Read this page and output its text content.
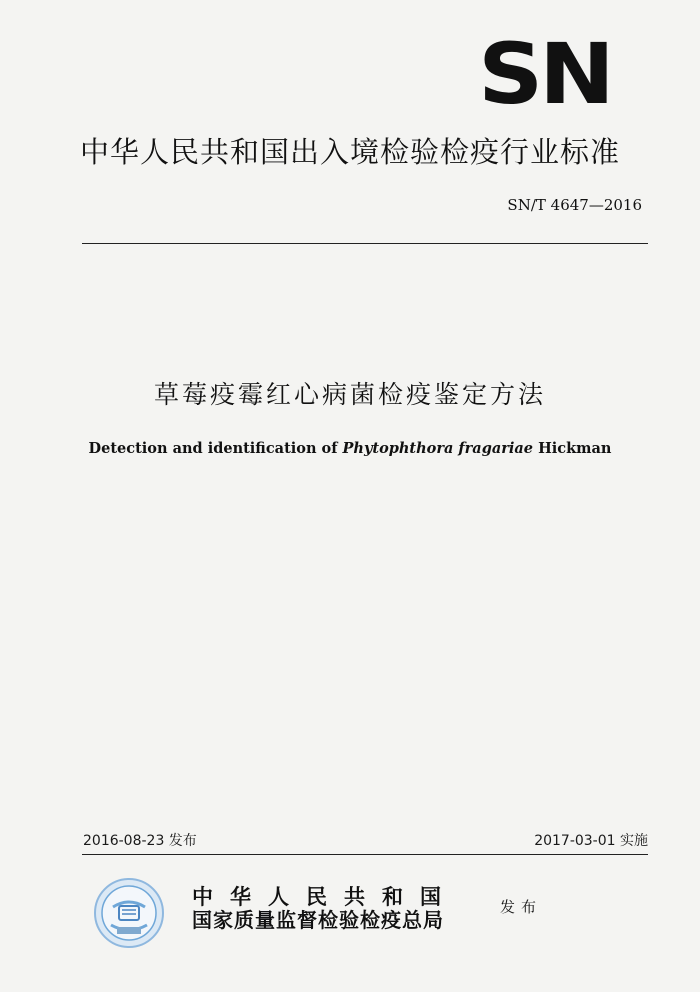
SN
中华人民共和国出入境检验检疫行业标准
SN/T 4647—2016
草莓疫霉红心病菌检疫鉴定方法
Detection and identification of Phytophthora fragariae Hickman
2016-08-23 发布	2017-03-01 实施
中华人民共和国
国家质量监督检验检疫总局
发布
